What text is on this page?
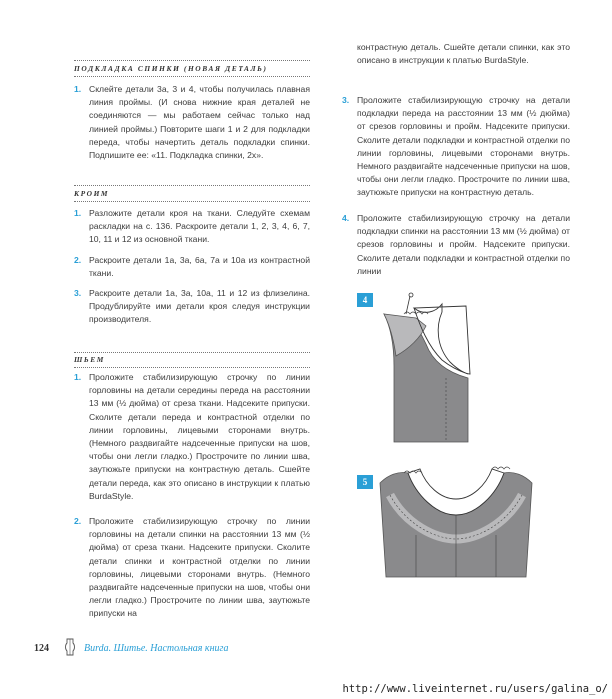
ПОДКЛАДКА СПИНКИ (НОВАЯ ДЕТАЛЬ)
1. Склейте детали 3а, 3 и 4, чтобы получилась плавная линия проймы. (И снова нижние края деталей не соединяются — мы работаем сейчас только над линией проймы.) Повторите шаги 1 и 2 для подкладки переда, чтобы начертить деталь подкладки спинки. Подпишите ее: «11. Подкладка спинки, 2х».
КРОИМ
1. Разложите детали кроя на ткани. Следуйте схемам раскладки на с. 136. Раскроите детали 1, 2, 3, 4, 6, 7, 10, 11 и 12 из основной ткани.
2. Раскроите детали 1а, 3а, 6а, 7а и 10а из контрастной ткани.
3. Раскроите детали 1а, 3а, 10а, 11 и 12 из флизелина. Продублируйте ими детали кроя следуя инструкции производителя.
ШЬЕМ
1. Проложите стабилизирующую строчку по линии горловины на детали середины переда на расстоянии 13 мм (½ дюйма) от среза ткани. Надсеките припуски. Сколите детали переда и контрастной отделки по линии горловины, лицевыми сторонами внутрь. (Немного раздвигайте надсеченные припуски на шов, чтобы они легли гладко.) Прострочите по линии шва, заутюжьте припуски на контрастную деталь. Сшейте детали переда, как это описано в инструкции к платью BurdaStyle.
2. Проложите стабилизирующую строчку по линии горловины на детали спинки на расстоянии 13 мм (½ дюйма) от среза ткани. Надсеките припуски. Сколите детали спинки и контрастной отделки по линии горловины, лицевыми сторонами внутрь. (Немного раздвигайте надсеченные припуски на шов, чтобы они легли гладко.) Прострочите по линии шва, заутюжьте припуски на
контрастную деталь. Сшейте детали спинки, как это описано в инструкции к платью BurdaStyle.
3. Проложите стабилизирующую строчку на детали подкладки переда на расстоянии 13 мм (½ дюйма) от срезов горловины и пройм. Надсеките припуски. Сколите детали подкладки и контрастной отделки по линии горловины, лицевыми сторонами внутрь. Немного раздвигайте надсеченные припуски на шов, чтобы они легли гладко. Прострочите по линии шва, заутюжьте припуски на контрастную деталь.
4. Проложите стабилизирующую строчку на детали подкладки спинки на расстоянии 13 мм (½ дюйма) от срезов горловины и пройм. Надсеките припуски. Сколите детали подкладки и контрастной отделки по линии
4
5
124	Burda. Шитье. Настольная книга
http://www.liveinternet.ru/users/galina_o/
